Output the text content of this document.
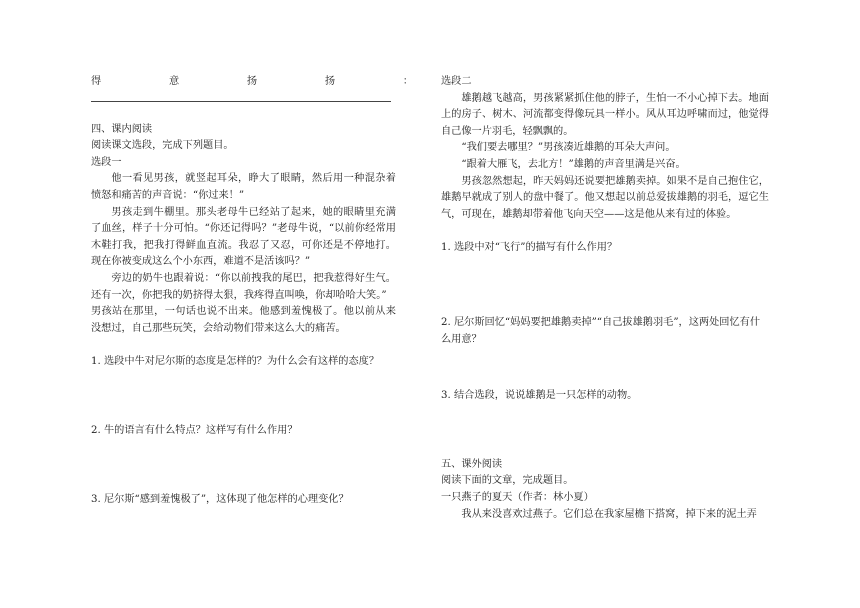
得	意	扬	扬	：

四、课内阅读

阅读课文选段，完成下列题目。

选段一

他一看见男孩，就竖起耳朵，睁大了眼睛，然后用一种混杂着愤怒和痛苦的声音说：“你过来！”

男孩走到牛棚里。那头老母牛已经站了起来，她的眼睛里充满了血丝，样子十分可怕。“你还记得吗？”老母牛说，“以前你经常用木鞋打我，把我打得鲜血直流。我忍了又忍，可你还是不停地打。现在你被变成这么个小东西，难道不是活该吗？”

旁边的奶牛也跟着说：“你以前拽我的尾巴，把我惹得好生气。还有一次，你把我的奶挤得太狠，我疼得直叫唤，你却哈哈大笑。”

男孩站在那里，一句话也说不出来。他感到羞愧极了。他以前从来没想过，自己那些玩笑，会给动物们带来这么大的痛苦。

1. 选段中牛对尼尔斯的态度是怎样的？为什么会有这样的态度？

2. 牛的语言有什么特点？这样写有什么作用？

3. 尼尔斯“感到羞愧极了”，这体现了他怎样的心理变化？

选段二

雄鹅越飞越高，男孩紧紧抓住他的脖子，生怕一不小心掉下去。地面上的房子、树木、河流都变得像玩具一样小。风从耳边呼啸而过，他觉得自己像一片羽毛，轻飘飘的。

“我们要去哪里？”男孩凑近雄鹅的耳朵大声问。

“跟着大雁飞，去北方！”雄鹅的声音里满是兴奋。

男孩忽然想起，昨天妈妈还说要把雄鹅卖掉。如果不是自己抱住它，雄鹅早就成了别人的盘中餐了。他又想起以前总爱拔雄鹅的羽毛，逗它生气，可现在，雄鹅却带着他飞向天空——这是他从来有过的体验。

1. 选段中对“飞行”的描写有什么作用？

2. 尼尔斯回忆“妈妈要把雄鹅卖掉”“自己拔雄鹅羽毛”，这两处回忆有什么用意？

3. 结合选段，说说雄鹅是一只怎样的动物。

五、课外阅读

阅读下面的文章，完成题目。

一只燕子的夏天（作者：林小夏）

我从来没喜欢过燕子。它们总在我家屋檐下搭窝，掉下来的泥土弄
